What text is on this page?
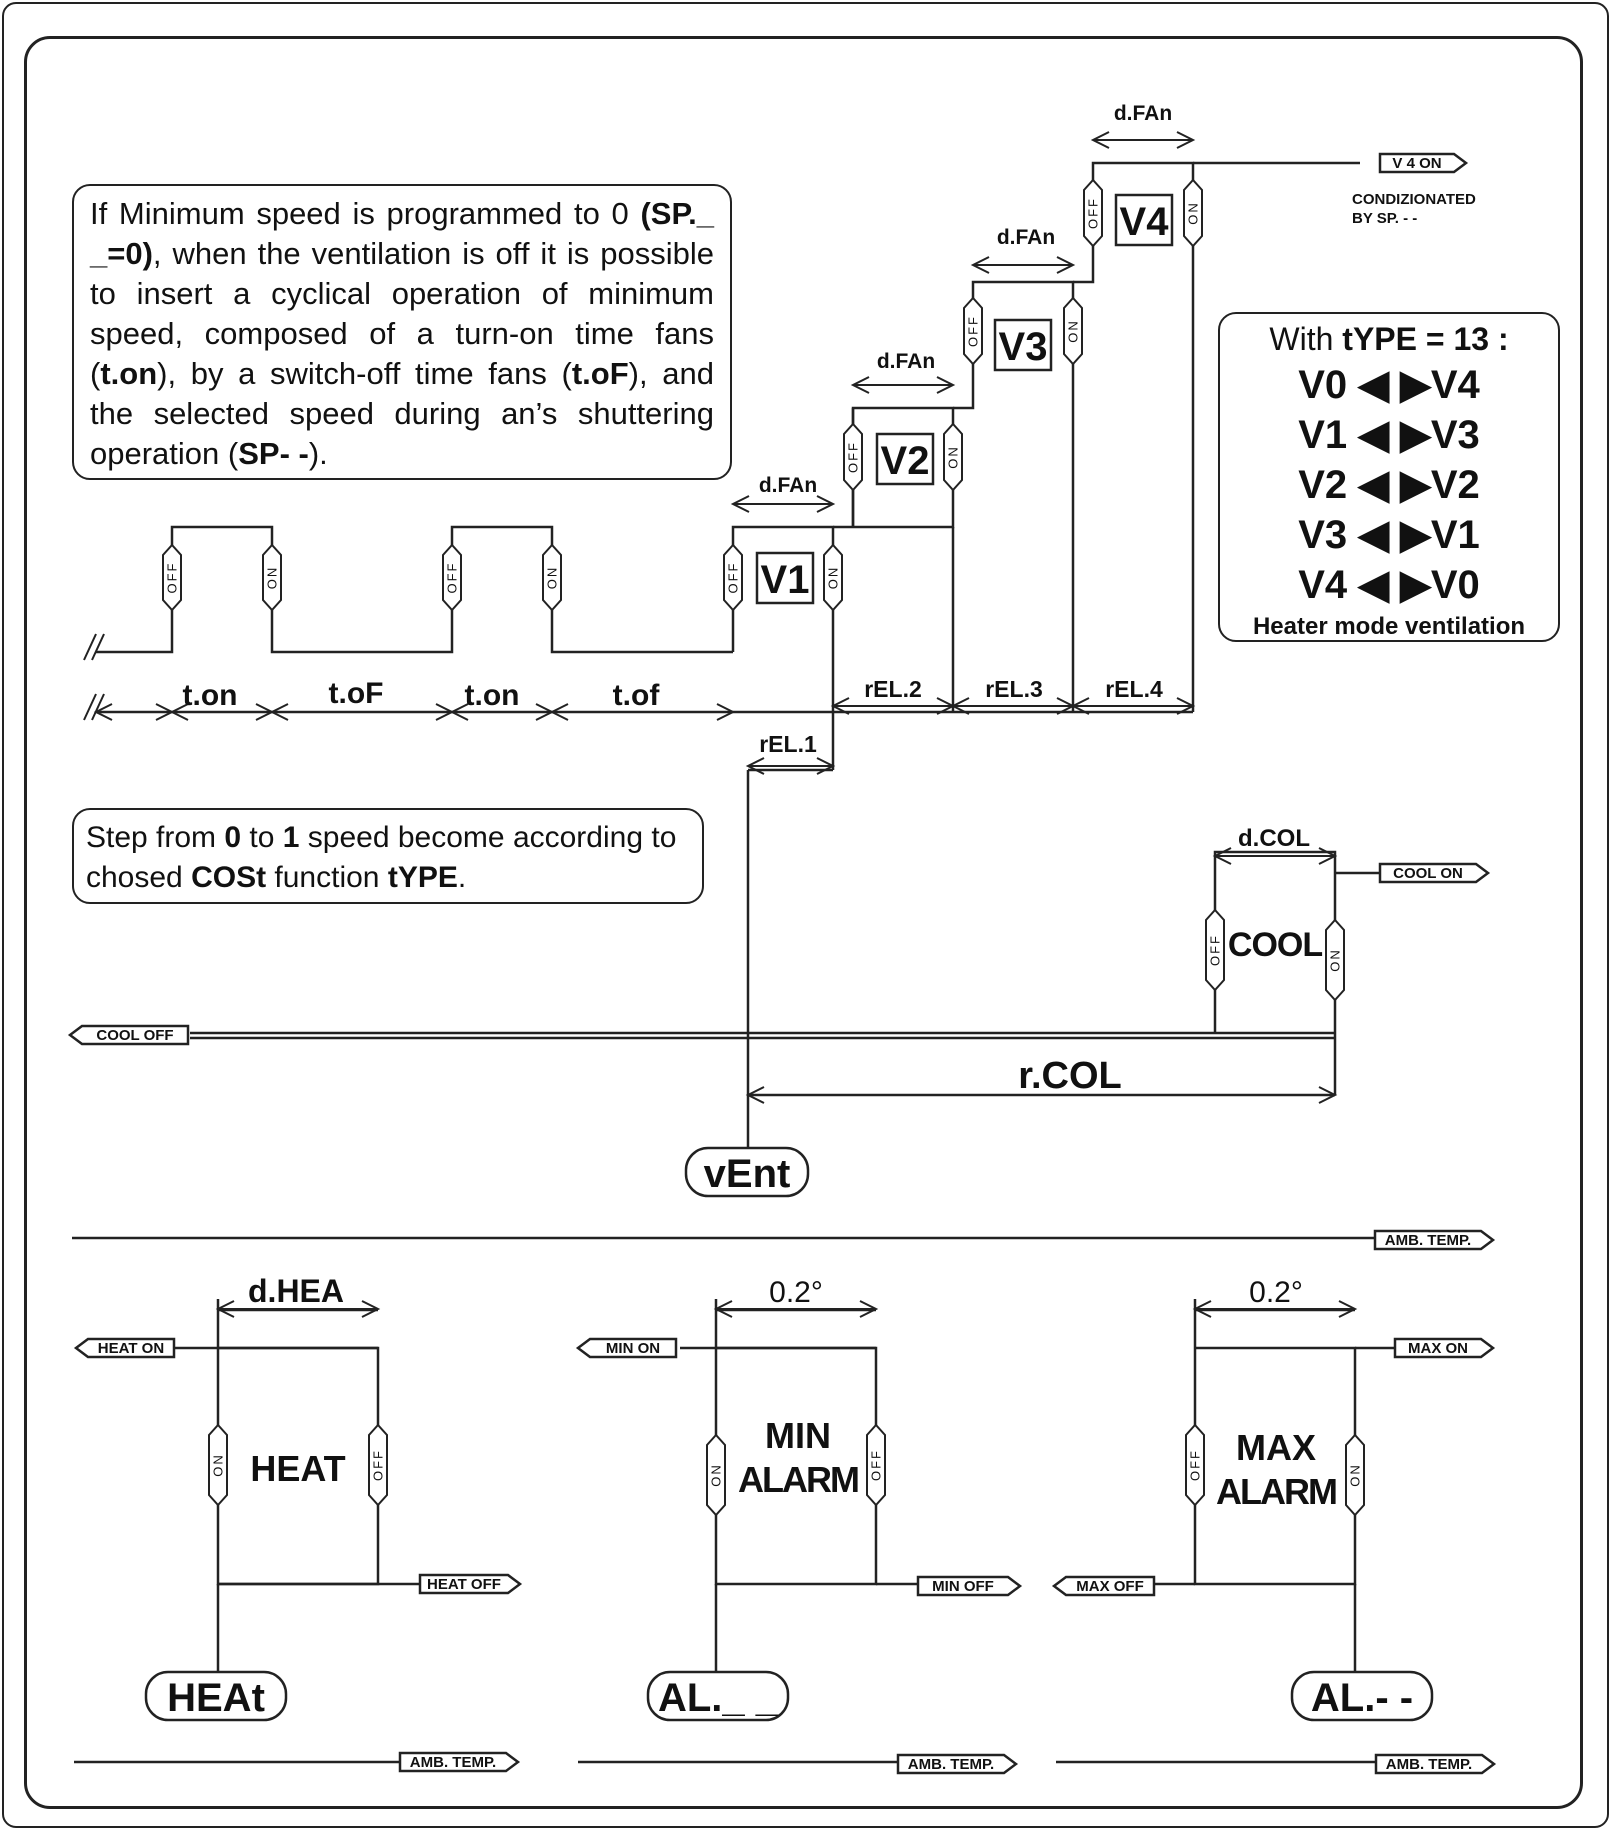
If Minimum speed is programmed to 0 (SP._ _=0), when the ventilation is off it is possible to insert a cyclical operation of minimum speed, composed of a turn-on time fans (t.on), by a switch-off time fans (t.oF), and the selected speed during an’s shuttering operation (SP- -).

Step from 0 to 1 speed become according to chosed COSt function tYPE.
With tYPE = 13 :
V0 ◀ ▶V4
V1 ◀ ▶V3
V2 ◀ ▶V2
V3 ◀ ▶V1
V4 ◀ ▶V0
Heater mode ventilation
OFF	ON	OFF	ON	OFF	ON
OFF	ON
OFF	ON
OFF	ON
V1
V2
V3
V4
d.FAn
d.FAn
d.FAn
d.FAn
t.on	t.oF	t.on	t.of	rEL.2	rEL.3	rEL.4
rEL.1
V 4 ON
CONDIZIONATED
BY SP. - -
d.COL
COOL ON
OFF	ON
COOL
COOL OFF
r.COL
vEnt
AMB. TEMP.
d.HEA
HEAT ON
ON	OFF
HEAT
HEAT OFF
HEAt
0.2°
MIN ON
ON	OFF
MIN
ALARM
MIN OFF
AL._ _
0.2°
MAX ON
OFF	ON
MAX
ALARM
MAX OFF
AL.- -
AMB. TEMP.	AMB. TEMP.	AMB. TEMP.
